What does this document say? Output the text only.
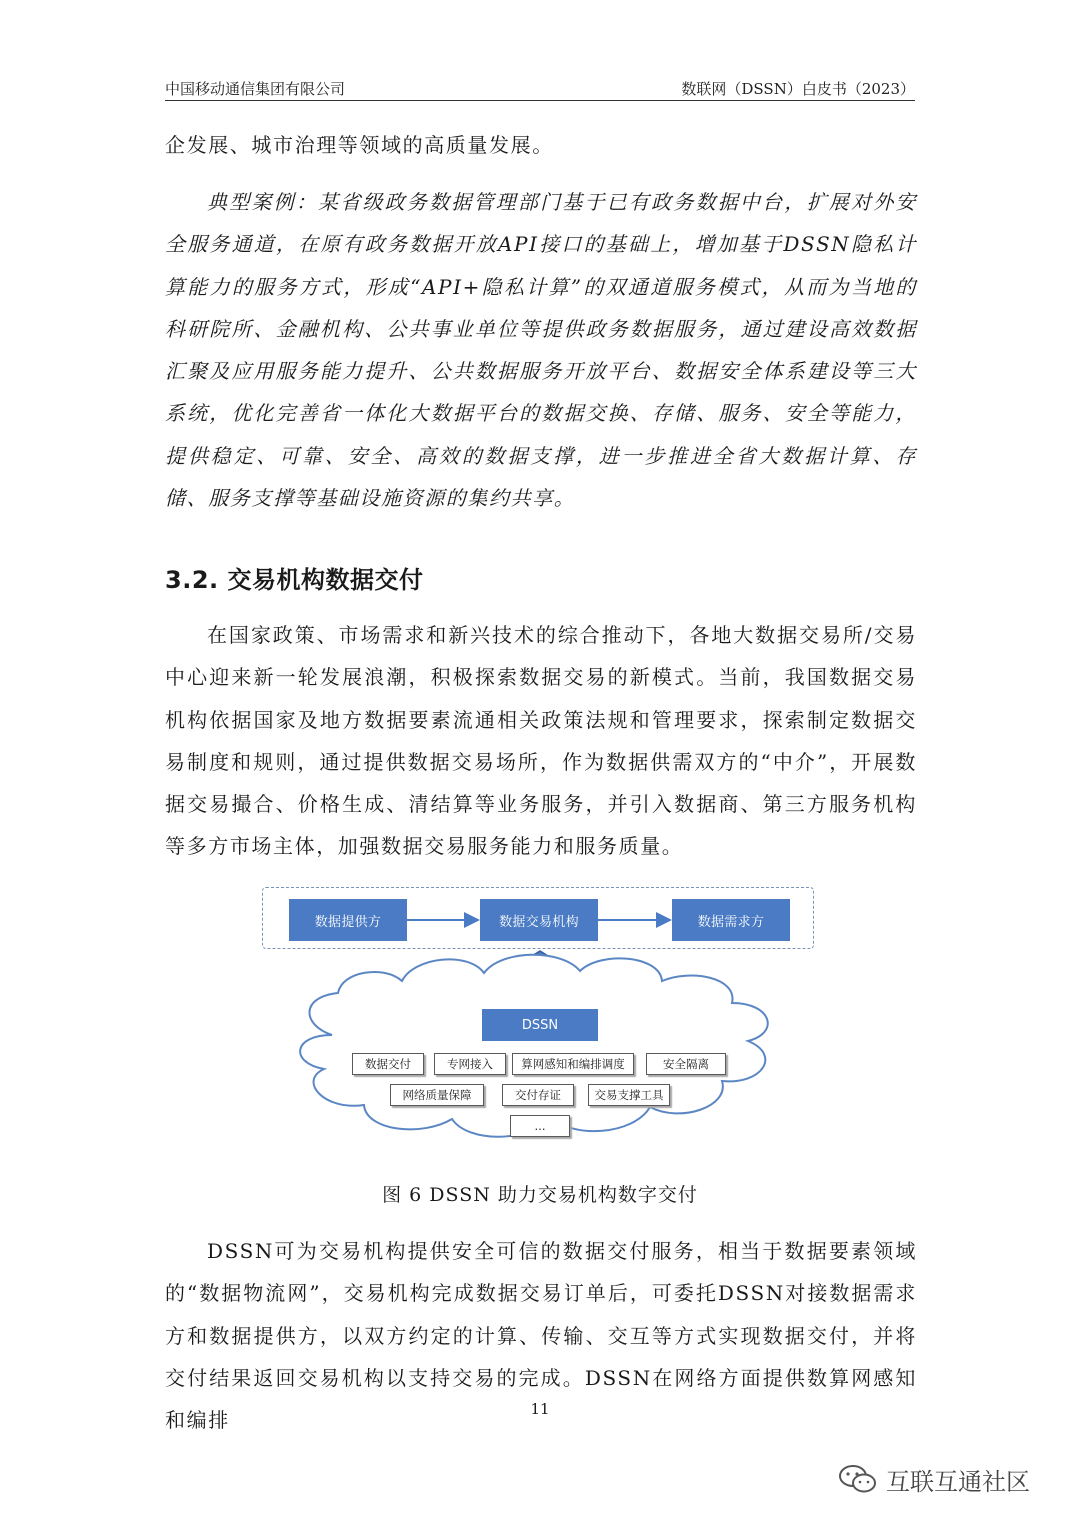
中国移动通信集团有限公司	数联网（DSSN）白皮书（2023）

企发展、城市治理等领域的高质量发展。

典型案例：某省级政务数据管理部门基于已有政务数据中台，扩展对外安全服务通道，在原有政务数据开放API接口的基础上，增加基于DSSN隐私计算能力的服务方式，形成“API+隐私计算”的双通道服务模式，从而为当地的科研院所、金融机构、公共事业单位等提供政务数据服务，通过建设高效数据汇聚及应用服务能力提升、公共数据服务开放平台、数据安全体系建设等三大系统，优化完善省一体化大数据平台的数据交换、存储、服务、安全等能力，提供稳定、可靠、安全、高效的数据支撑，进一步推进全省大数据计算、存储、服务支撑等基础设施资源的集约共享。

3.2. 交易机构数据交付

在国家政策、市场需求和新兴技术的综合推动下，各地大数据交易所/交易中心迎来新一轮发展浪潮，积极探索数据交易的新模式。当前，我国数据交易机构依据国家及地方数据要素流通相关政策法规和管理要求，探索制定数据交易制度和规则，通过提供数据交易场所，作为数据供需双方的“中介”，开展数据交易撮合、价格生成、清结算等业务服务，并引入数据商、第三方服务机构等多方市场主体，加强数据交易服务能力和服务质量。

数据提供方	数据交易机构	数据需求方
DSSN
数据交付	专网接入	算网感知和编排调度	安全隔离
网络质量保障	交付存证	交易支撑工具
...
图 6 DSSN 助力交易机构数字交付

DSSN可为交易机构提供安全可信的数据交付服务，相当于数据要素领域的“数据物流网”，交易机构完成数据交易订单后，可委托DSSN对接数据需求方和数据提供方，以双方约定的计算、传输、交互等方式实现数据交付，并将交付结果返回交易机构以支持交易的完成。DSSN在网络方面提供数算网感知和编排	11
互联互通社区
